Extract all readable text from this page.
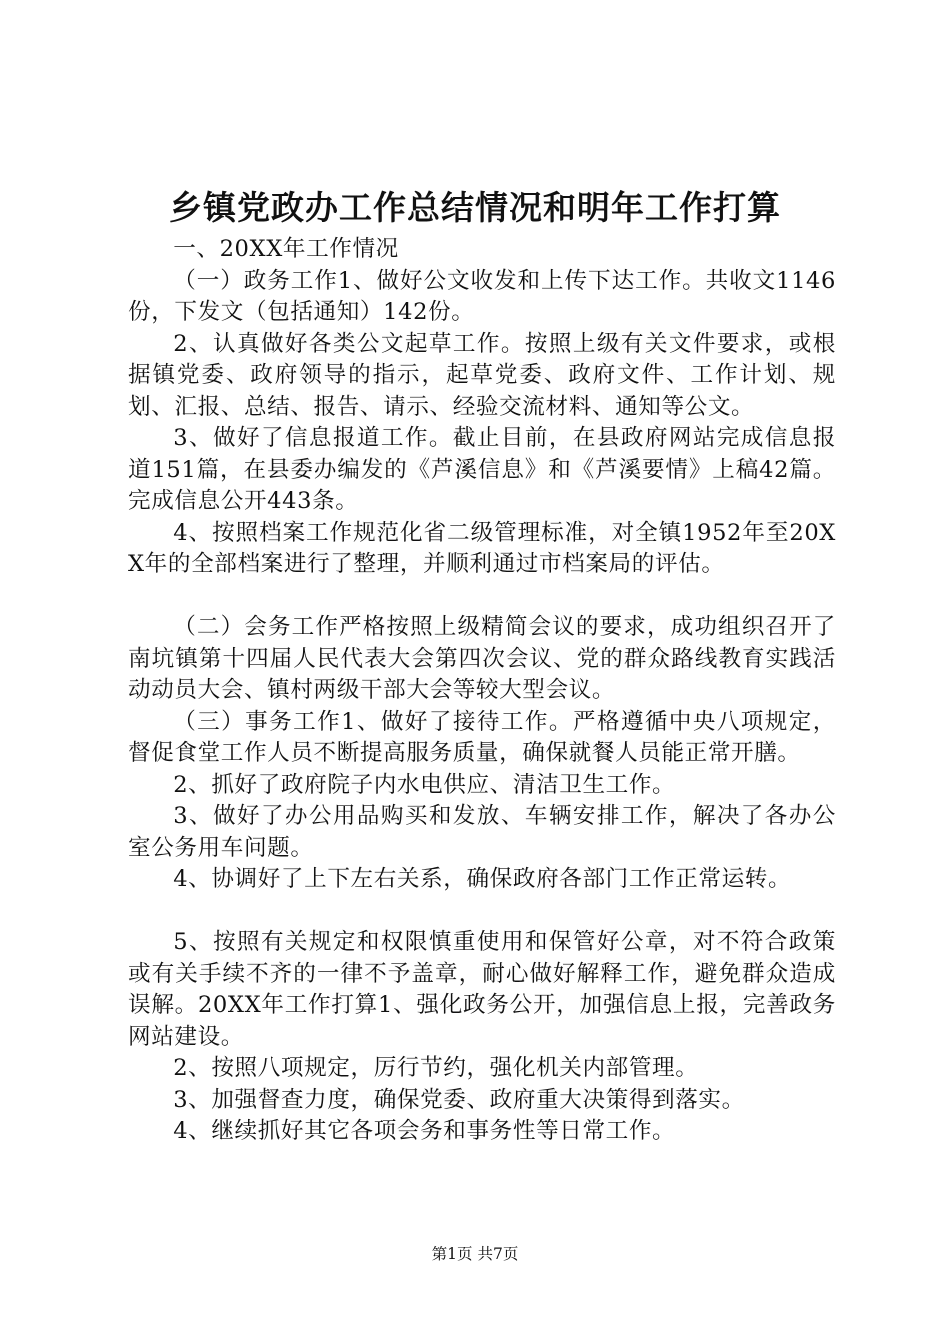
乡镇党政办工作总结情况和明年工作打算

一、20XX年工作情况

（一）政务工作1、做好公文收发和上传下达工作。共收文1146份，下发文（包括通知）142份。

2、认真做好各类公文起草工作。按照上级有关文件要求，或根据镇党委、政府领导的指示，起草党委、政府文件、工作计划、规划、汇报、总结、报告、请示、经验交流材料、通知等公文。

3、做好了信息报道工作。截止目前，在县政府网站完成信息报道151篇，在县委办编发的《芦溪信息》和《芦溪要情》上稿42篇。完成信息公开443条。

4、按照档案工作规范化省二级管理标准，对全镇1952年至20XX年的全部档案进行了整理，并顺利通过市档案局的评估。

（二）会务工作严格按照上级精简会议的要求，成功组织召开了南坑镇第十四届人民代表大会第四次会议、党的群众路线教育实践活动动员大会、镇村两级干部大会等较大型会议。

（三）事务工作1、做好了接待工作。严格遵循中央八项规定，督促食堂工作人员不断提高服务质量，确保就餐人员能正常开膳。

2、抓好了政府院子内水电供应、清洁卫生工作。

3、做好了办公用品购买和发放、车辆安排工作，解决了各办公室公务用车问题。

4、协调好了上下左右关系，确保政府各部门工作正常运转。

5、按照有关规定和权限慎重使用和保管好公章，对不符合政策或有关手续不齐的一律不予盖章，耐心做好解释工作，避免群众造成误解。20XX年工作打算1、强化政务公开，加强信息上报，完善政务网站建设。

2、按照八项规定，厉行节约，强化机关内部管理。

3、加强督查力度，确保党委、政府重大决策得到落实。

4、继续抓好其它各项会务和事务性等日常工作。

第1页 共7页
